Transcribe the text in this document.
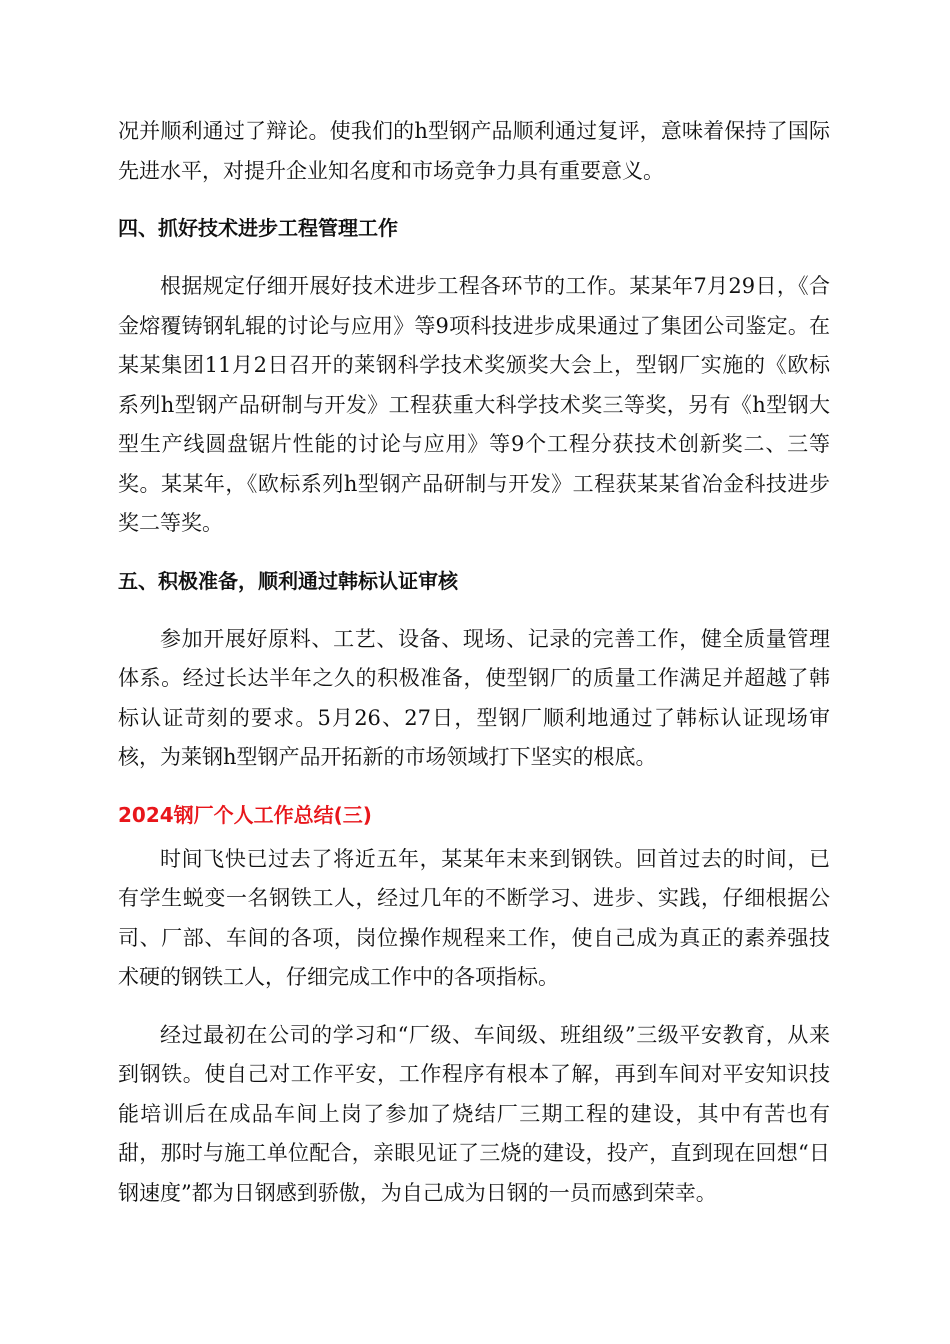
况并顺利通过了辩论。使我们的h型钢产品顺利通过复评，意味着保持了国际先进水平，对提升企业知名度和市场竞争力具有重要意义。

四、抓好技术进步工程管理工作

根据规定仔细开展好技术进步工程各环节的工作。某某年7月29日，《合金熔覆铸钢轧辊的讨论与应用》等9项科技进步成果通过了集团公司鉴定。在某某集团11月2日召开的莱钢科学技术奖颁奖大会上，型钢厂实施的《欧标系列h型钢产品研制与开发》工程获重大科学技术奖三等奖，另有《h型钢大型生产线圆盘锯片性能的讨论与应用》等9个工程分获技术创新奖二、三等奖。某某年，《欧标系列h型钢产品研制与开发》工程获某某省冶金科技进步奖二等奖。

五、积极准备，顺利通过韩标认证审核

参加开展好原料、工艺、设备、现场、记录的完善工作，健全质量管理体系。经过长达半年之久的积极准备，使型钢厂的质量工作满足并超越了韩标认证苛刻的要求。5月26、27日，型钢厂顺利地通过了韩标认证现场审核，为莱钢h型钢产品开拓新的市场领域打下坚实的根底。

2024钢厂个人工作总结(三)

时间飞快已过去了将近五年，某某年末来到钢铁。回首过去的时间，已有学生蜕变一名钢铁工人，经过几年的不断学习、进步、实践，仔细根据公司、厂部、车间的各项，岗位操作规程来工作，使自己成为真正的素养强技术硬的钢铁工人，仔细完成工作中的各项指标。

经过最初在公司的学习和“厂级、车间级、班组级”三级平安教育，从来到钢铁。使自己对工作平安，工作程序有根本了解，再到车间对平安知识技能培训后在成品车间上岗了参加了烧结厂三期工程的建设，其中有苦也有甜，那时与施工单位配合，亲眼见证了三烧的建设，投产，直到现在回想“日钢速度”都为日钢感到骄傲，为自己成为日钢的一员而感到荣幸。
